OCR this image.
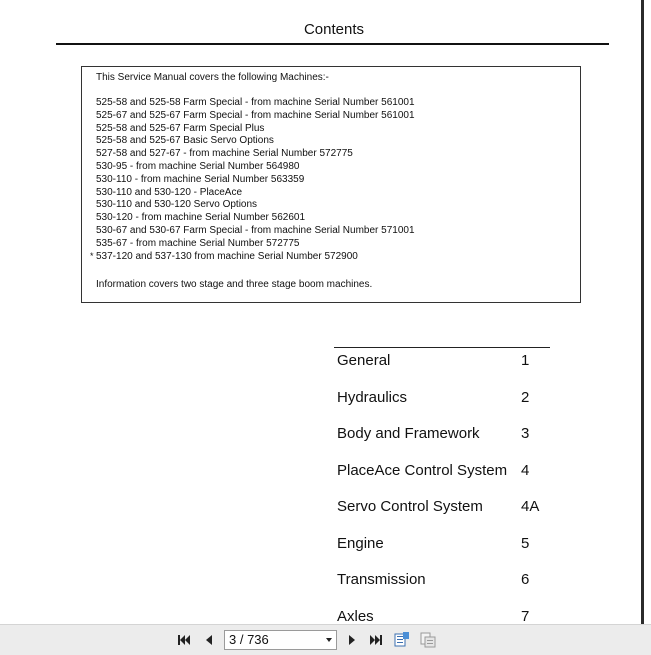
Contents
This Service Manual covers the following Machines:-
525-58 and 525-58 Farm Special - from machine Serial Number 561001
525-67 and 525-67 Farm Special - from machine Serial Number 561001
525-58 and 525-67 Farm Special Plus
525-58 and 525-67 Basic Servo Options
527-58 and 527-67 - from machine Serial Number 572775
530-95 - from machine Serial Number 564980
530-110 - from machine Serial Number 563359
530-110 and 530-120 - PlaceAce
530-110 and 530-120 Servo Options
530-120 - from machine Serial Number 562601
530-67 and 530-67 Farm Special - from machine Serial Number 571001
535-67 - from machine Serial Number 572775
* 537-120 and 537-130 from machine Serial Number 572900
Information covers two stage and three stage boom machines.
General	1
Hydraulics	2
Body and Framework	3
PlaceAce Control System 4
Servo Control System	4A
Engine	5
Transmission	6
Axles	7
3 / 736
